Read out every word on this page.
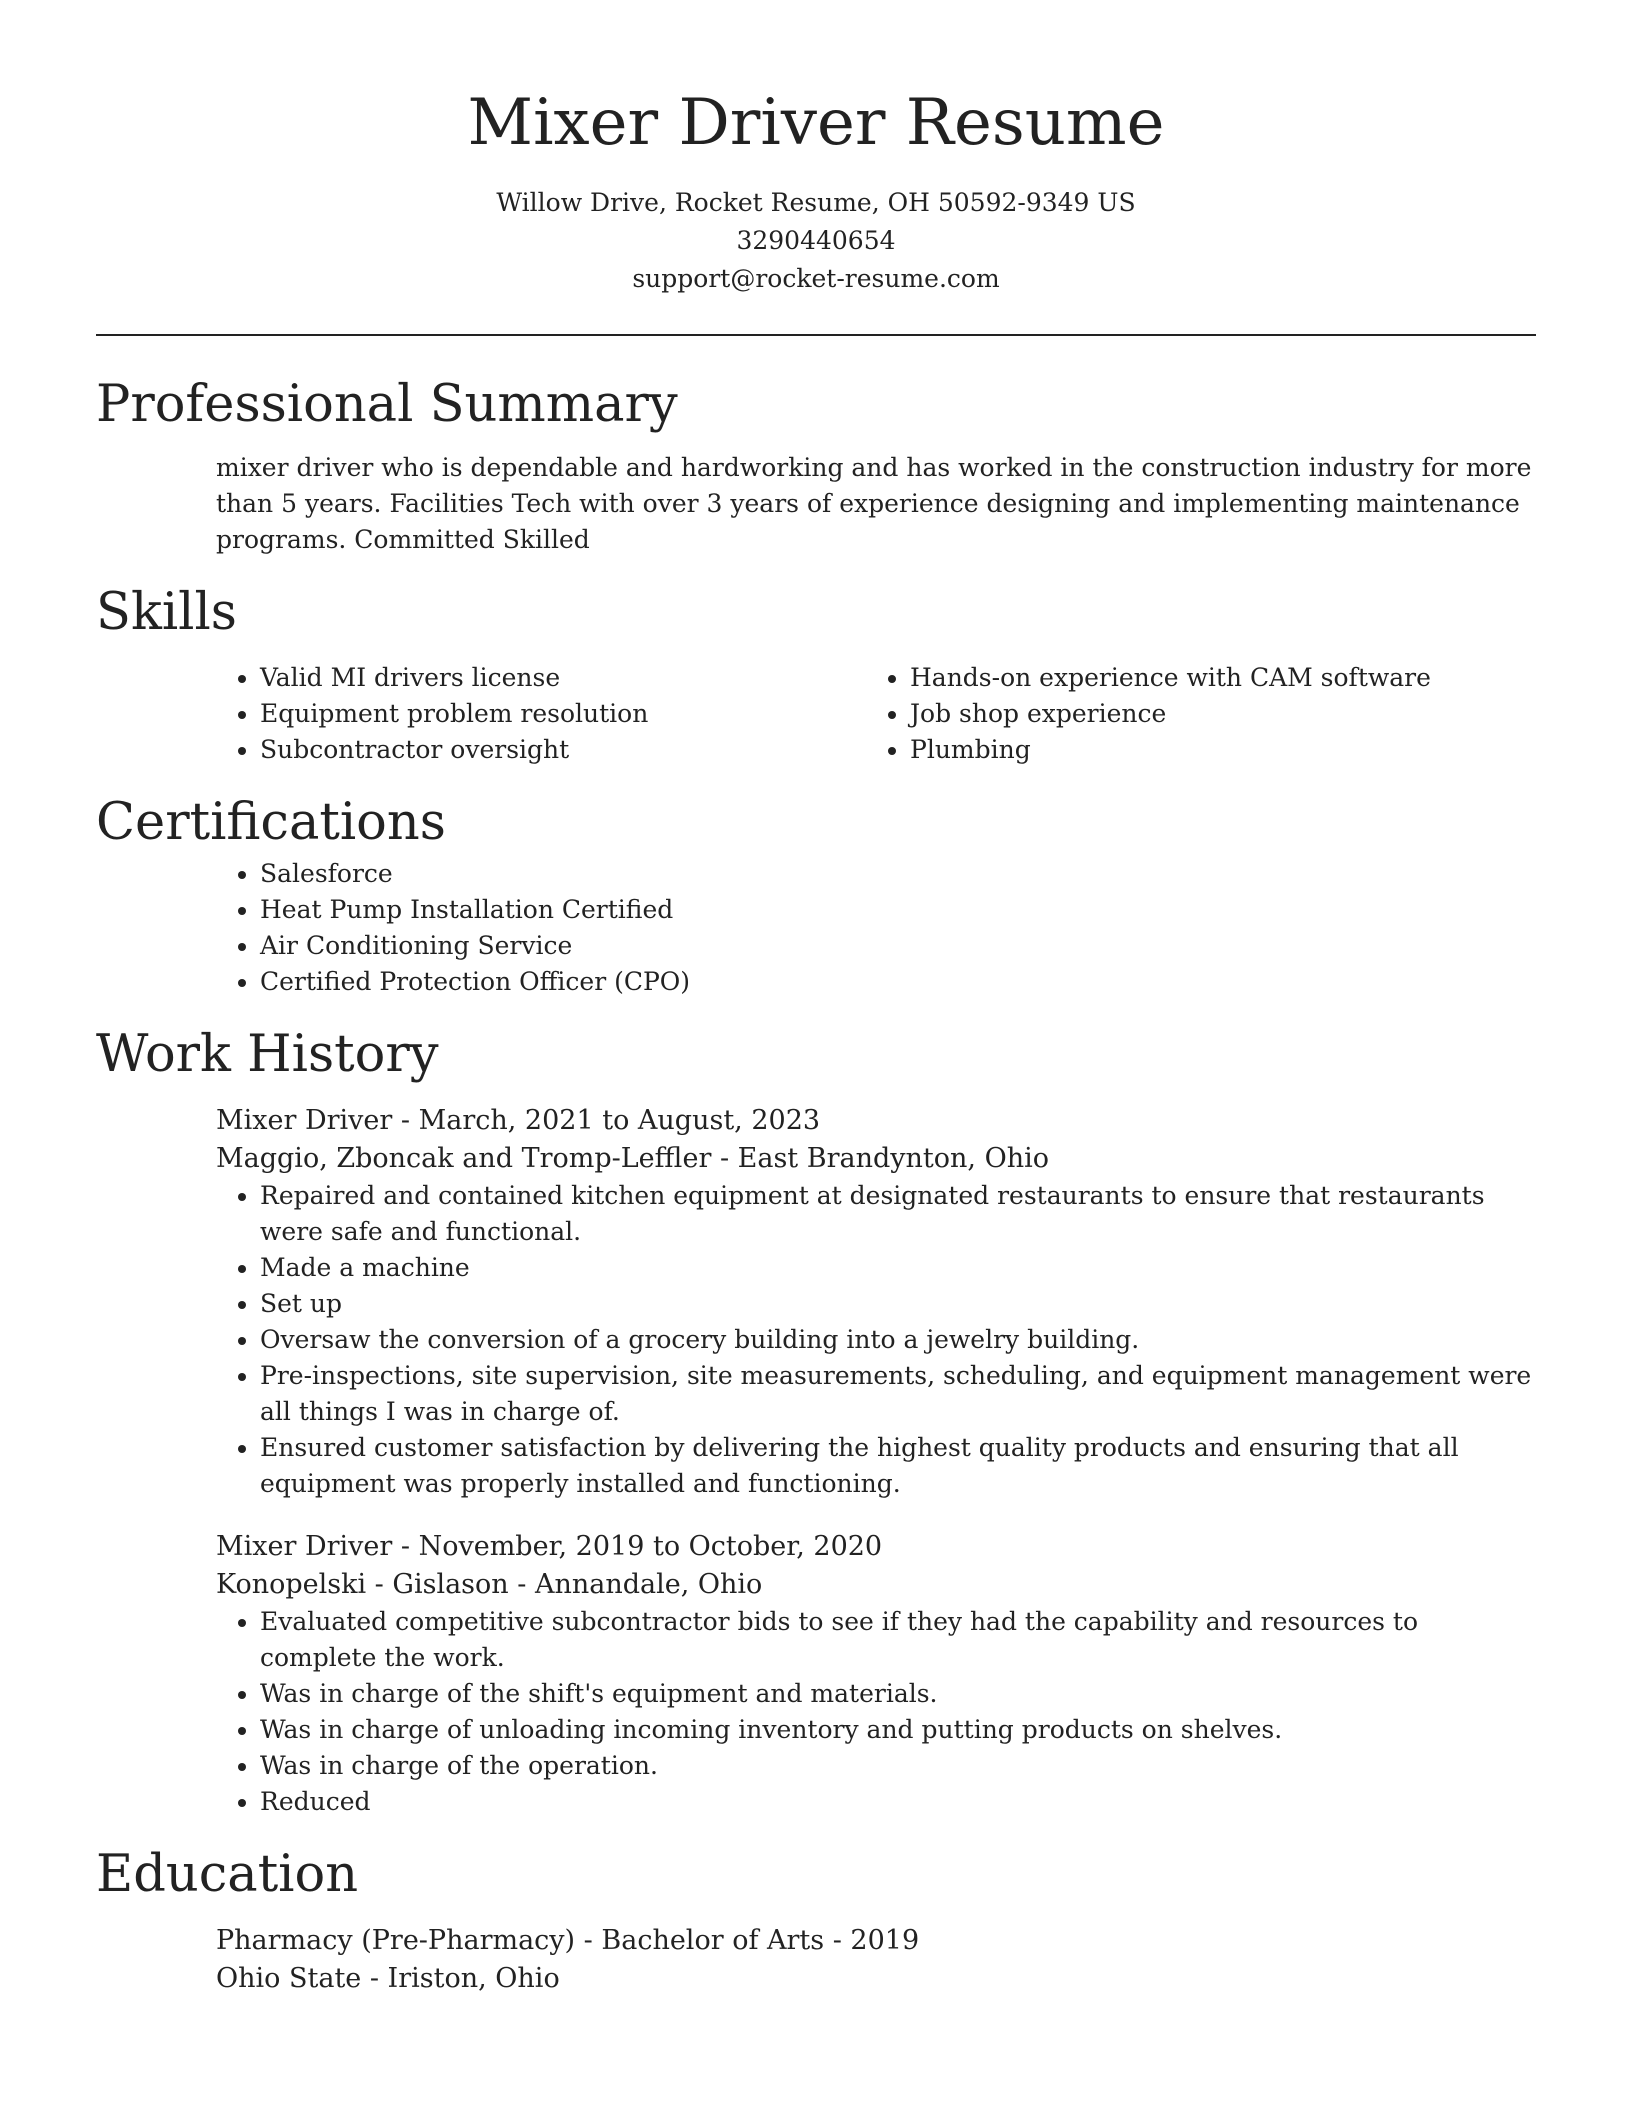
Mixer Driver Resume
Willow Drive, Rocket Resume, OH 50592-9349 US
3290440654
support@rocket-resume.com
Professional Summary

mixer driver who is dependable and hardworking and has worked in the construction industry for more than 5 years. Facilities Tech with over 3 years of experience designing and implementing maintenance programs. Committed Skilled

Skills
• Valid MI drivers license
• Equipment problem resolution
• Subcontractor oversight
• Hands-on experience with CAM software
• Job shop experience
• Plumbing
Certifications
• Salesforce
• Heat Pump Installation Certified
• Air Conditioning Service
• Certified Protection Officer (CPO)
Work History
Mixer Driver - March, 2021 to August, 2023
Maggio, Zboncak and Tromp-Leffler - East Brandynton, Ohio
• Repaired and contained kitchen equipment at designated restaurants to ensure that restaurants were safe and functional.
• Made a machine
• Set up
• Oversaw the conversion of a grocery building into a jewelry building.
• Pre-inspections, site supervision, site measurements, scheduling, and equipment management were all things I was in charge of.
• Ensured customer satisfaction by delivering the highest quality products and ensuring that all equipment was properly installed and functioning.
Mixer Driver - November, 2019 to October, 2020
Konopelski - Gislason - Annandale, Ohio
• Evaluated competitive subcontractor bids to see if they had the capability and resources to complete the work.
• Was in charge of the shift's equipment and materials.
• Was in charge of unloading incoming inventory and putting products on shelves.
• Was in charge of the operation.
• Reduced
Education
Pharmacy (Pre-Pharmacy) - Bachelor of Arts - 2019
Ohio State - Iriston, Ohio
